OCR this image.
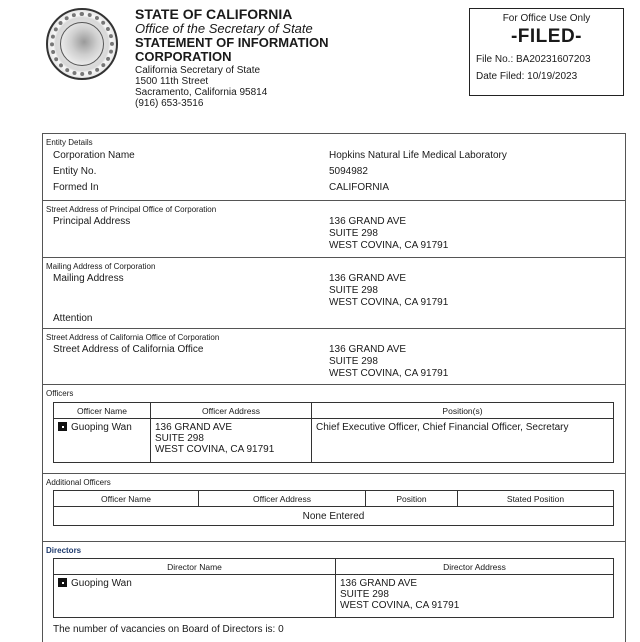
STATE OF CALIFORNIA
Office of the Secretary of State
STATEMENT OF INFORMATION
CORPORATION
California Secretary of State
1500 11th Street
Sacramento, California 95814
(916) 653-3516
For Office Use Only
-FILED-
File No.: BA20231607203
Date Filed: 10/19/2023
Entity Details
Corporation Name	Hopkins Natural Life Medical Laboratory
Entity No.	5094982
Formed In	CALIFORNIA
Street Address of Principal Office of Corporation
Principal Address	136 GRAND AVE
SUITE 298
WEST COVINA, CA 91791
Mailing Address of Corporation
Mailing Address	136 GRAND AVE
SUITE 298
WEST COVINA, CA 91791
Attention
Street Address of California Office of Corporation
Street Address of California Office	136 GRAND AVE
SUITE 298
WEST COVINA, CA 91791
Officers
Officer Name	Officer Address	Position(s)
Guoping Wan	136 GRAND AVE
SUITE 298
WEST COVINA, CA 91791	Chief Executive Officer, Chief Financial Officer, Secretary
Additional Officers
Officer Name	Officer Address	Position	Stated Position
None Entered
Directors
Director Name	Director Address
Guoping Wan	136 GRAND AVE
SUITE 298
WEST COVINA, CA 91791
The number of vacancies on Board of Directors is: 0
